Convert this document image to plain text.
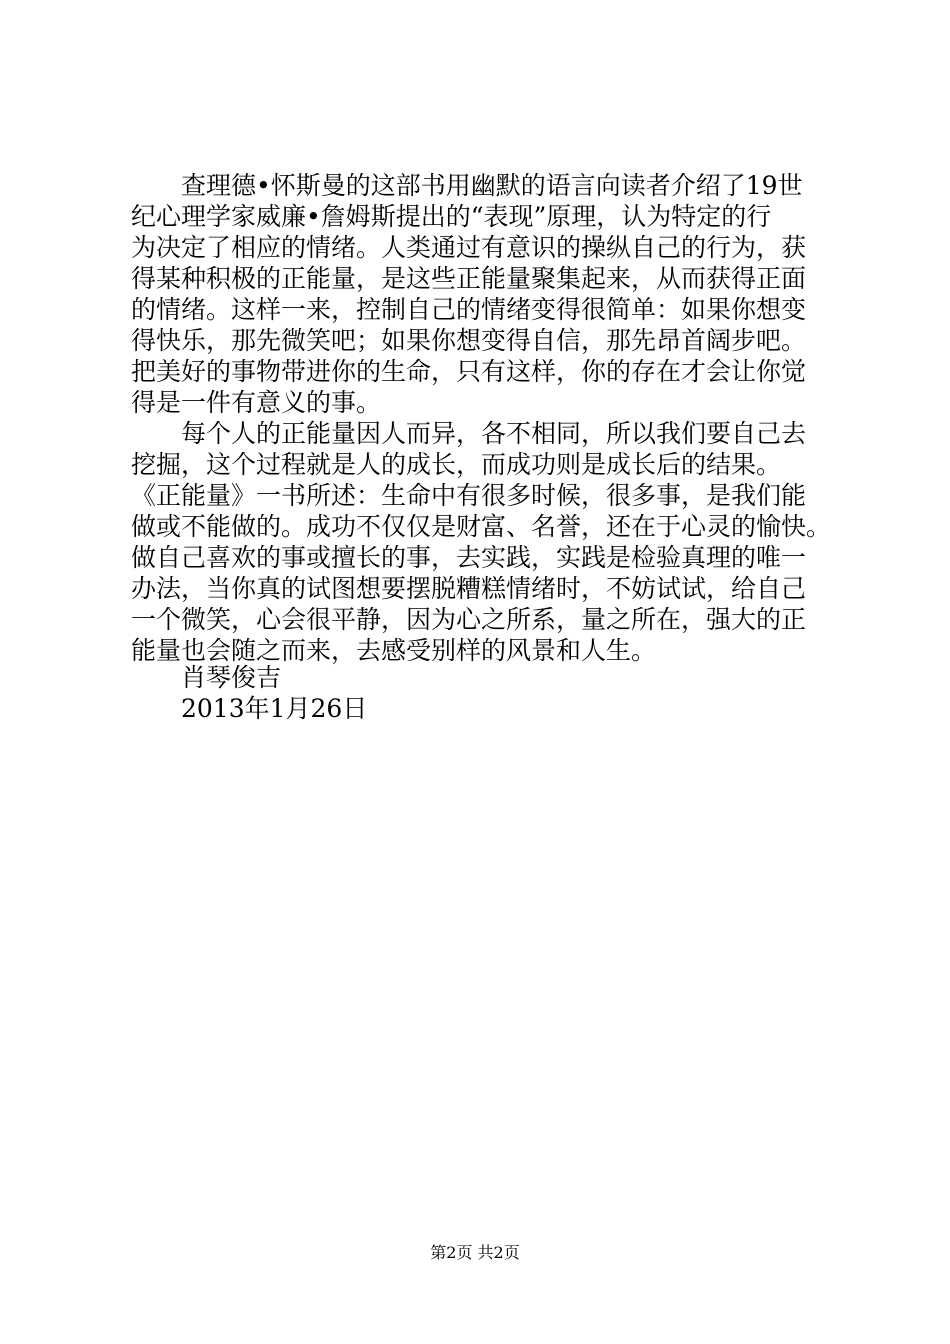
查理德•怀斯曼的这部书用幽默的语言向读者介绍了19世
纪心理学家威廉•詹姆斯提出的“表现”原理，认为特定的行
为决定了相应的情绪。人类通过有意识的操纵自己的行为，获
得某种积极的正能量，是这些正能量聚集起来，从而获得正面
的情绪。这样一来，控制自己的情绪变得很简单：如果你想变
得快乐，那先微笑吧；如果你想变得自信，那先昂首阔步吧。
把美好的事物带进你的生命，只有这样，你的存在才会让你觉
得是一件有意义的事。

每个人的正能量因人而异，各不相同，所以我们要自己去
挖掘，这个过程就是人的成长，而成功则是成长后的结果。
《正能量》一书所述：生命中有很多时候，很多事，是我们能
做或不能做的。成功不仅仅是财富、名誉，还在于心灵的愉快。
做自己喜欢的事或擅长的事，去实践，实践是检验真理的唯一
办法，当你真的试图想要摆脱糟糕情绪时，不妨试试，给自己
一个微笑，心会很平静，因为心之所系，量之所在，强大的正
能量也会随之而来，去感受别样的风景和人生。

肖琴俊吉
2013年1月26日
第2页 共2页
